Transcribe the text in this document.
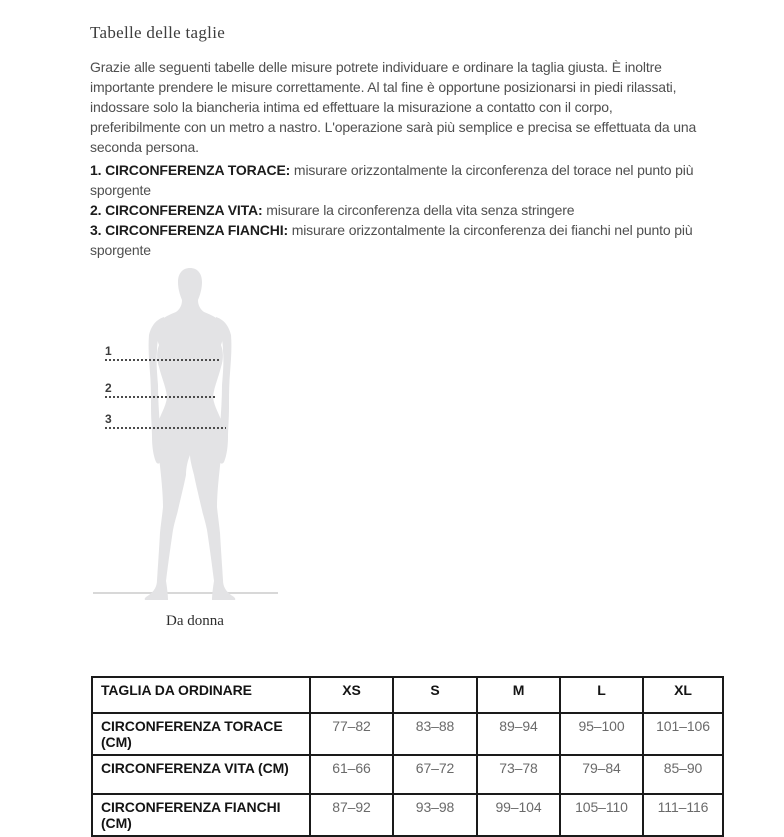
Tabelle delle taglie
Grazie alle seguenti tabelle delle misure potrete individuare e ordinare la taglia giusta. È inoltre
importante prendere le misure correttamente. Al tal fine è opportune posizionarsi in piedi rilassati,
indossare solo la biancheria intima ed effettuare la misurazione a contatto con il corpo,
preferibilmente con un metro a nastro. L'operazione sarà più semplice e precisa se effettuata da una
seconda persona.
1. CIRCONFERENZA TORACE: misurare orizzontalmente la circonferenza del torace nel punto più
sporgente
2. CIRCONFERENZA VITA: misurare la circonferenza della vita senza stringere
3. CIRCONFERENZA FIANCHI: misurare orizzontalmente la circonferenza dei fianchi nel punto più
sporgente
1
2
3
Da donna
TAGLIA DA ORDINARE	XS	S	M	L	XL
CIRCONFERENZA TORACE (CM)	77–82	83–88	89–94	95–100	101–106
CIRCONFERENZA VITA (CM)	61–66	67–72	73–78	79–84	85–90
CIRCONFERENZA FIANCHI (CM)	87–92	93–98	99–104	105–110	111–116
